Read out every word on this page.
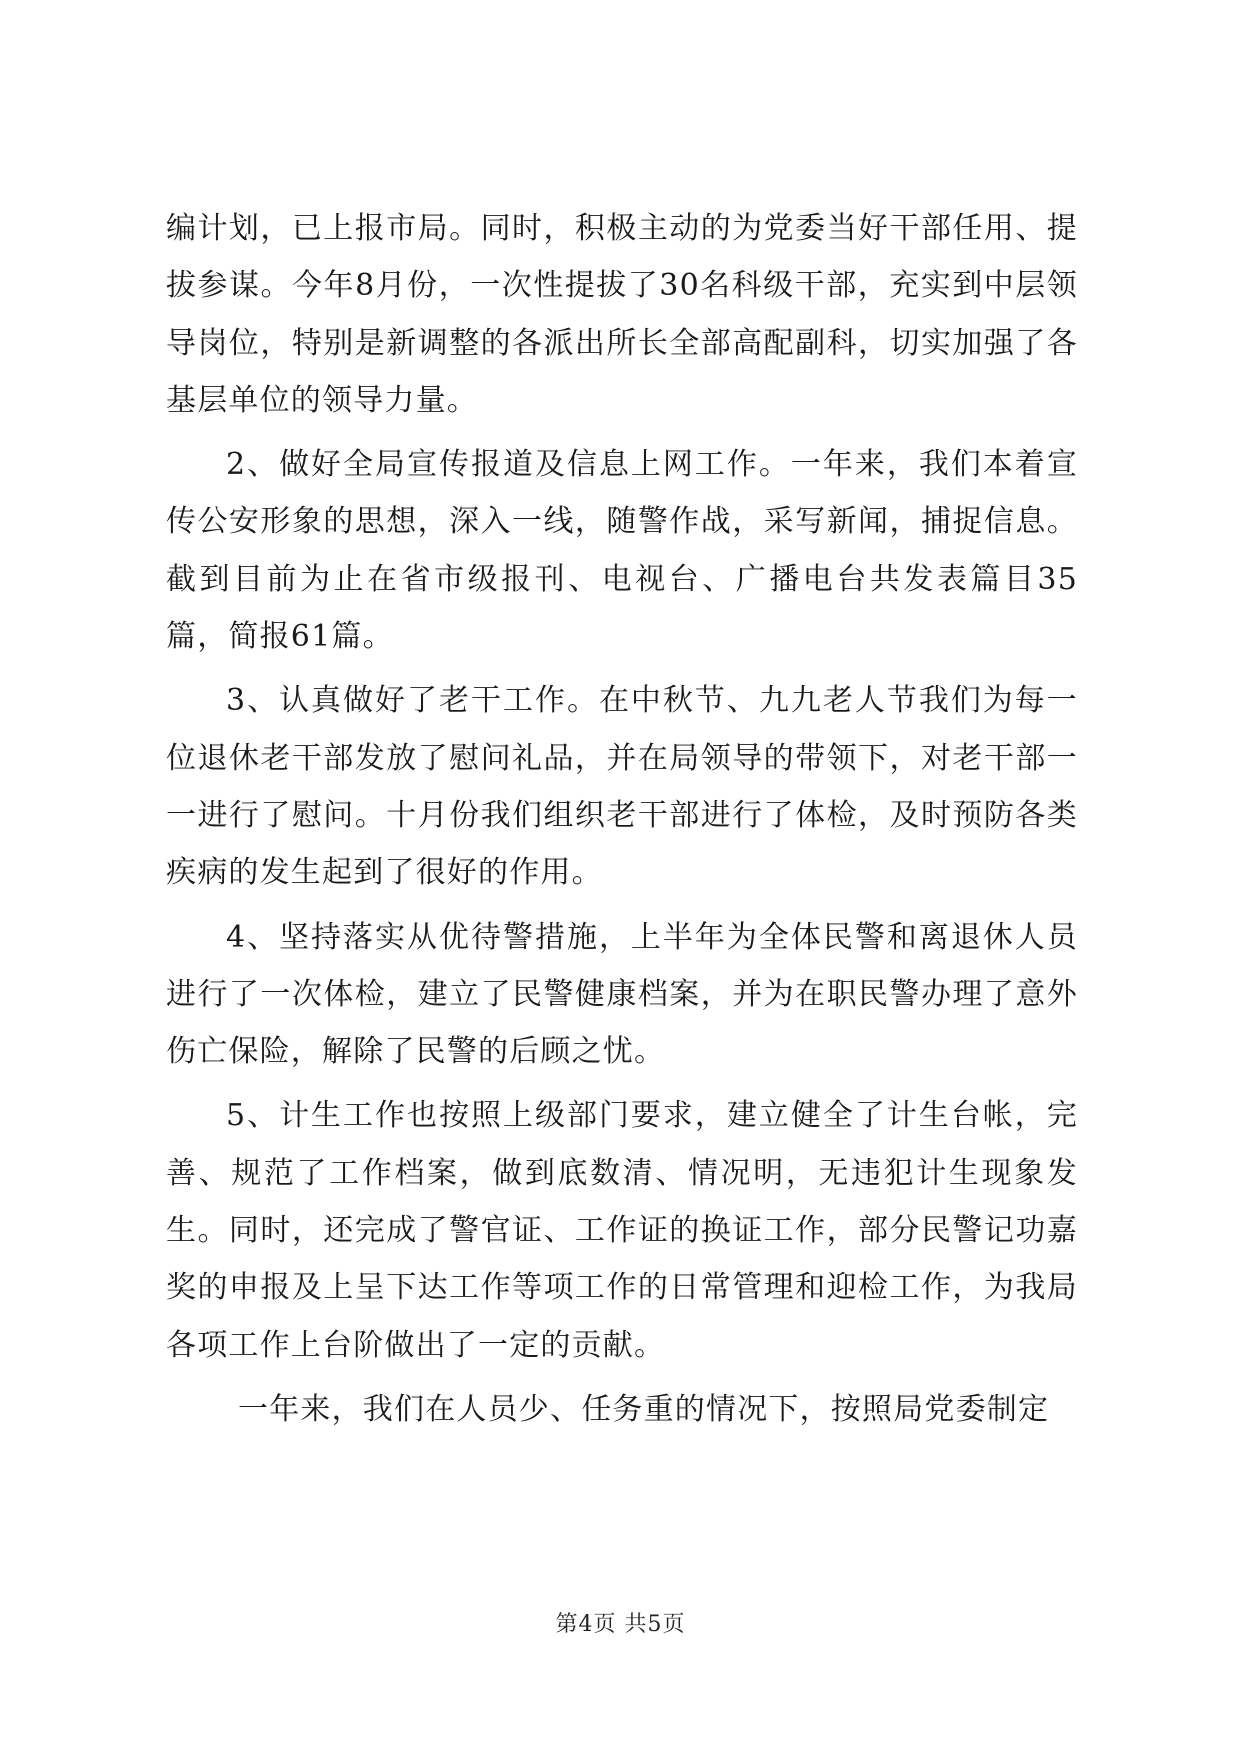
编计划，已上报市局。同时，积极主动的为党委当好干部任用、提拔参谋。今年8月份，一次性提拔了30名科级干部，充实到中层领导岗位，特别是新调整的各派出所长全部高配副科，切实加强了各基层单位的领导力量。

2、做好全局宣传报道及信息上网工作。一年来，我们本着宣传公安形象的思想，深入一线，随警作战，采写新闻，捕捉信息。截到目前为止在省市级报刊、电视台、广播电台共发表篇目35篇，简报61篇。

3、认真做好了老干工作。在中秋节、九九老人节我们为每一位退休老干部发放了慰问礼品，并在局领导的带领下，对老干部一一进行了慰问。十月份我们组织老干部进行了体检，及时预防各类疾病的发生起到了很好的作用。

4、坚持落实从优待警措施，上半年为全体民警和离退休人员进行了一次体检，建立了民警健康档案，并为在职民警办理了意外伤亡保险，解除了民警的后顾之忧。

5、计生工作也按照上级部门要求，建立健全了计生台帐，完善、规范了工作档案，做到底数清、情况明，无违犯计生现象发生。同时，还完成了警官证、工作证的换证工作，部分民警记功嘉奖的申报及上呈下达工作等项工作的日常管理和迎检工作，为我局各项工作上台阶做出了一定的贡献。

一年来，我们在人员少、任务重的情况下，按照局党委制定

第4页 共5页
